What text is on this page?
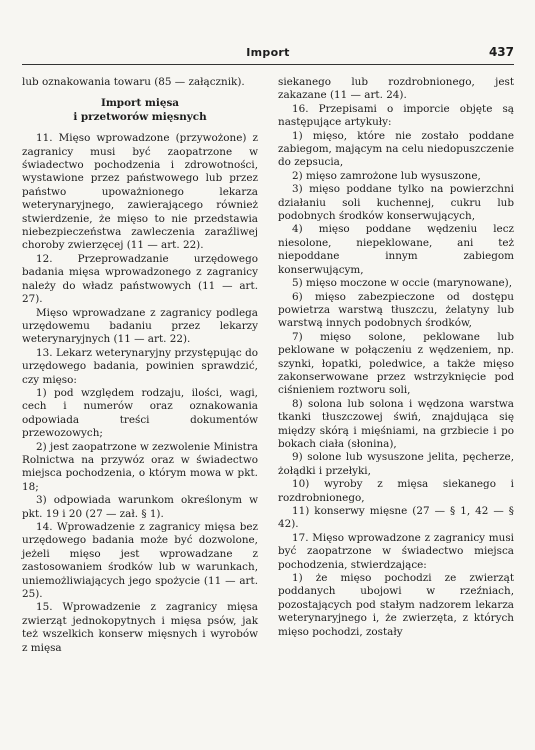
Import	437

lub oznakowania towaru (85 — załącznik).

Import mięsa
i przetworów mięsnych

11. Mięso wprowadzone (przywożone) z zagranicy musi być zaopatrzone w świadectwo pochodzenia i zdrowotności, wystawione przez państwowego lub przez państwo upoważnionego lekarza weterynaryjnego, zawierającego również stwierdzenie, że mięso to nie przedstawia niebezpieczeństwa zawleczenia zaraźliwej choroby zwierzęcej (11 — art. 22).

12. Przeprowadzanie urzędowego badania mięsa wprowadzonego z zagranicy należy do władz państwowych (11 — art. 27).

Mięso wprowadzane z zagranicy podlega urzędowemu badaniu przez lekarzy weterynaryjnych (11 — art. 22).

13. Lekarz weterynaryjny przystępując do urzędowego badania, powinien sprawdzić, czy mięso:

1) pod względem rodzaju, ilości, wagi, cech i numerów oraz oznakowania odpowiada treści dokumentów przewozowych;

2) jest zaopatrzone w zezwolenie Ministra Rolnictwa na przywóz oraz w świadectwo miejsca pochodzenia, o którym mowa w pkt. 18;

3) odpowiada warunkom określonym w pkt. 19 i 20 (27 — zał. § 1).

14. Wprowadzenie z zagranicy mięsa bez urzędowego badania może być dozwolone, jeżeli mięso jest wprowadzane z zastosowaniem środków lub w warunkach, uniemożliwiających jego spożycie (11 — art. 25).

15. Wprowadzenie z zagranicy mięsa zwierząt jednokopytnych i mięsa psów, jak też wszelkich konserw mięsnych i wyrobów z mięsa

siekanego lub rozdrobnionego, jest zakazane (11 — art. 24).

16. Przepisami o imporcie objęte są następujące artykuły:

1) mięso, które nie zostało poddane zabiegom, mającym na celu niedopuszczenie do zepsucia,

2) mięso zamrożone lub wysuszone,

3) mięso poddane tylko na powierzchni działaniu soli kuchennej, cukru lub podobnych środków konserwujących,

4) mięso poddane wędzeniu lecz niesolone, niepeklowane, ani też niepoddane innym zabiegom konserwującym,

5) mięso moczone w occie (marynowane),

6) mięso zabezpieczone od dostępu powietrza warstwą tłuszczu, żelatyny lub warstwą innych podobnych środków,

7) mięso solone, peklowane lub peklowane w połączeniu z wędzeniem, np. szynki, łopatki, poledwice, a także mięso zakonserwowane przez wstrzyknięcie pod ciśnieniem roztworu soli,

8) solona lub solona i wędzona warstwa tkanki tłuszczowej świń, znajdująca się między skórą i mięśniami, na grzbiecie i po bokach ciała (słonina),

9) solone lub wysuszone jelita, pęcherze, żołądki i przełyki,

10) wyroby z mięsa siekanego i rozdrobnionego,

11) konserwy mięsne (27 — § 1, 42 — § 42).

17. Mięso wprowadzone z zagranicy musi być zaopatrzone w świadectwo miejsca pochodzenia, stwierdzające:

1) że mięso pochodzi ze zwierząt poddanych ubojowi w rzeźniach, pozostających pod stałym nadzorem lekarza weterynaryjnego i, że zwierzęta, z których mięso pochodzi, zostały
